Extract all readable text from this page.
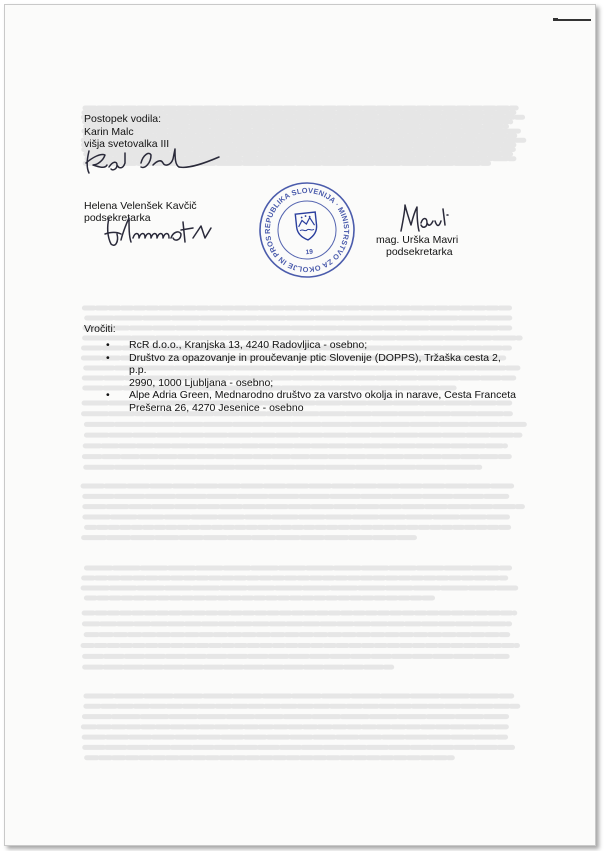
Postopek vodila:
Karin Malc
višja svetovalka III
Helena Velenšek Kavčič
podsekretarka
REPUBLIKA SLOVENIJA · MINISTRSTVO ZA OKOLJE IN PROSTOR
19
mag. Urška Mavri
podsekretarka
Vročiti:
• RcR d.o.o., Kranjska 13, 4240 Radovljica - osebno;
• Društvo za opazovanje in proučevanje ptic Slovenije (DOPPS), Tržaška cesta 2, p.p.
2990, 1000 Ljubljana - osebno;
• Alpe Adria Green, Mednarodno društvo za varstvo okolja in narave, Cesta Franceta
Prešerna 26, 4270 Jesenice - osebno
